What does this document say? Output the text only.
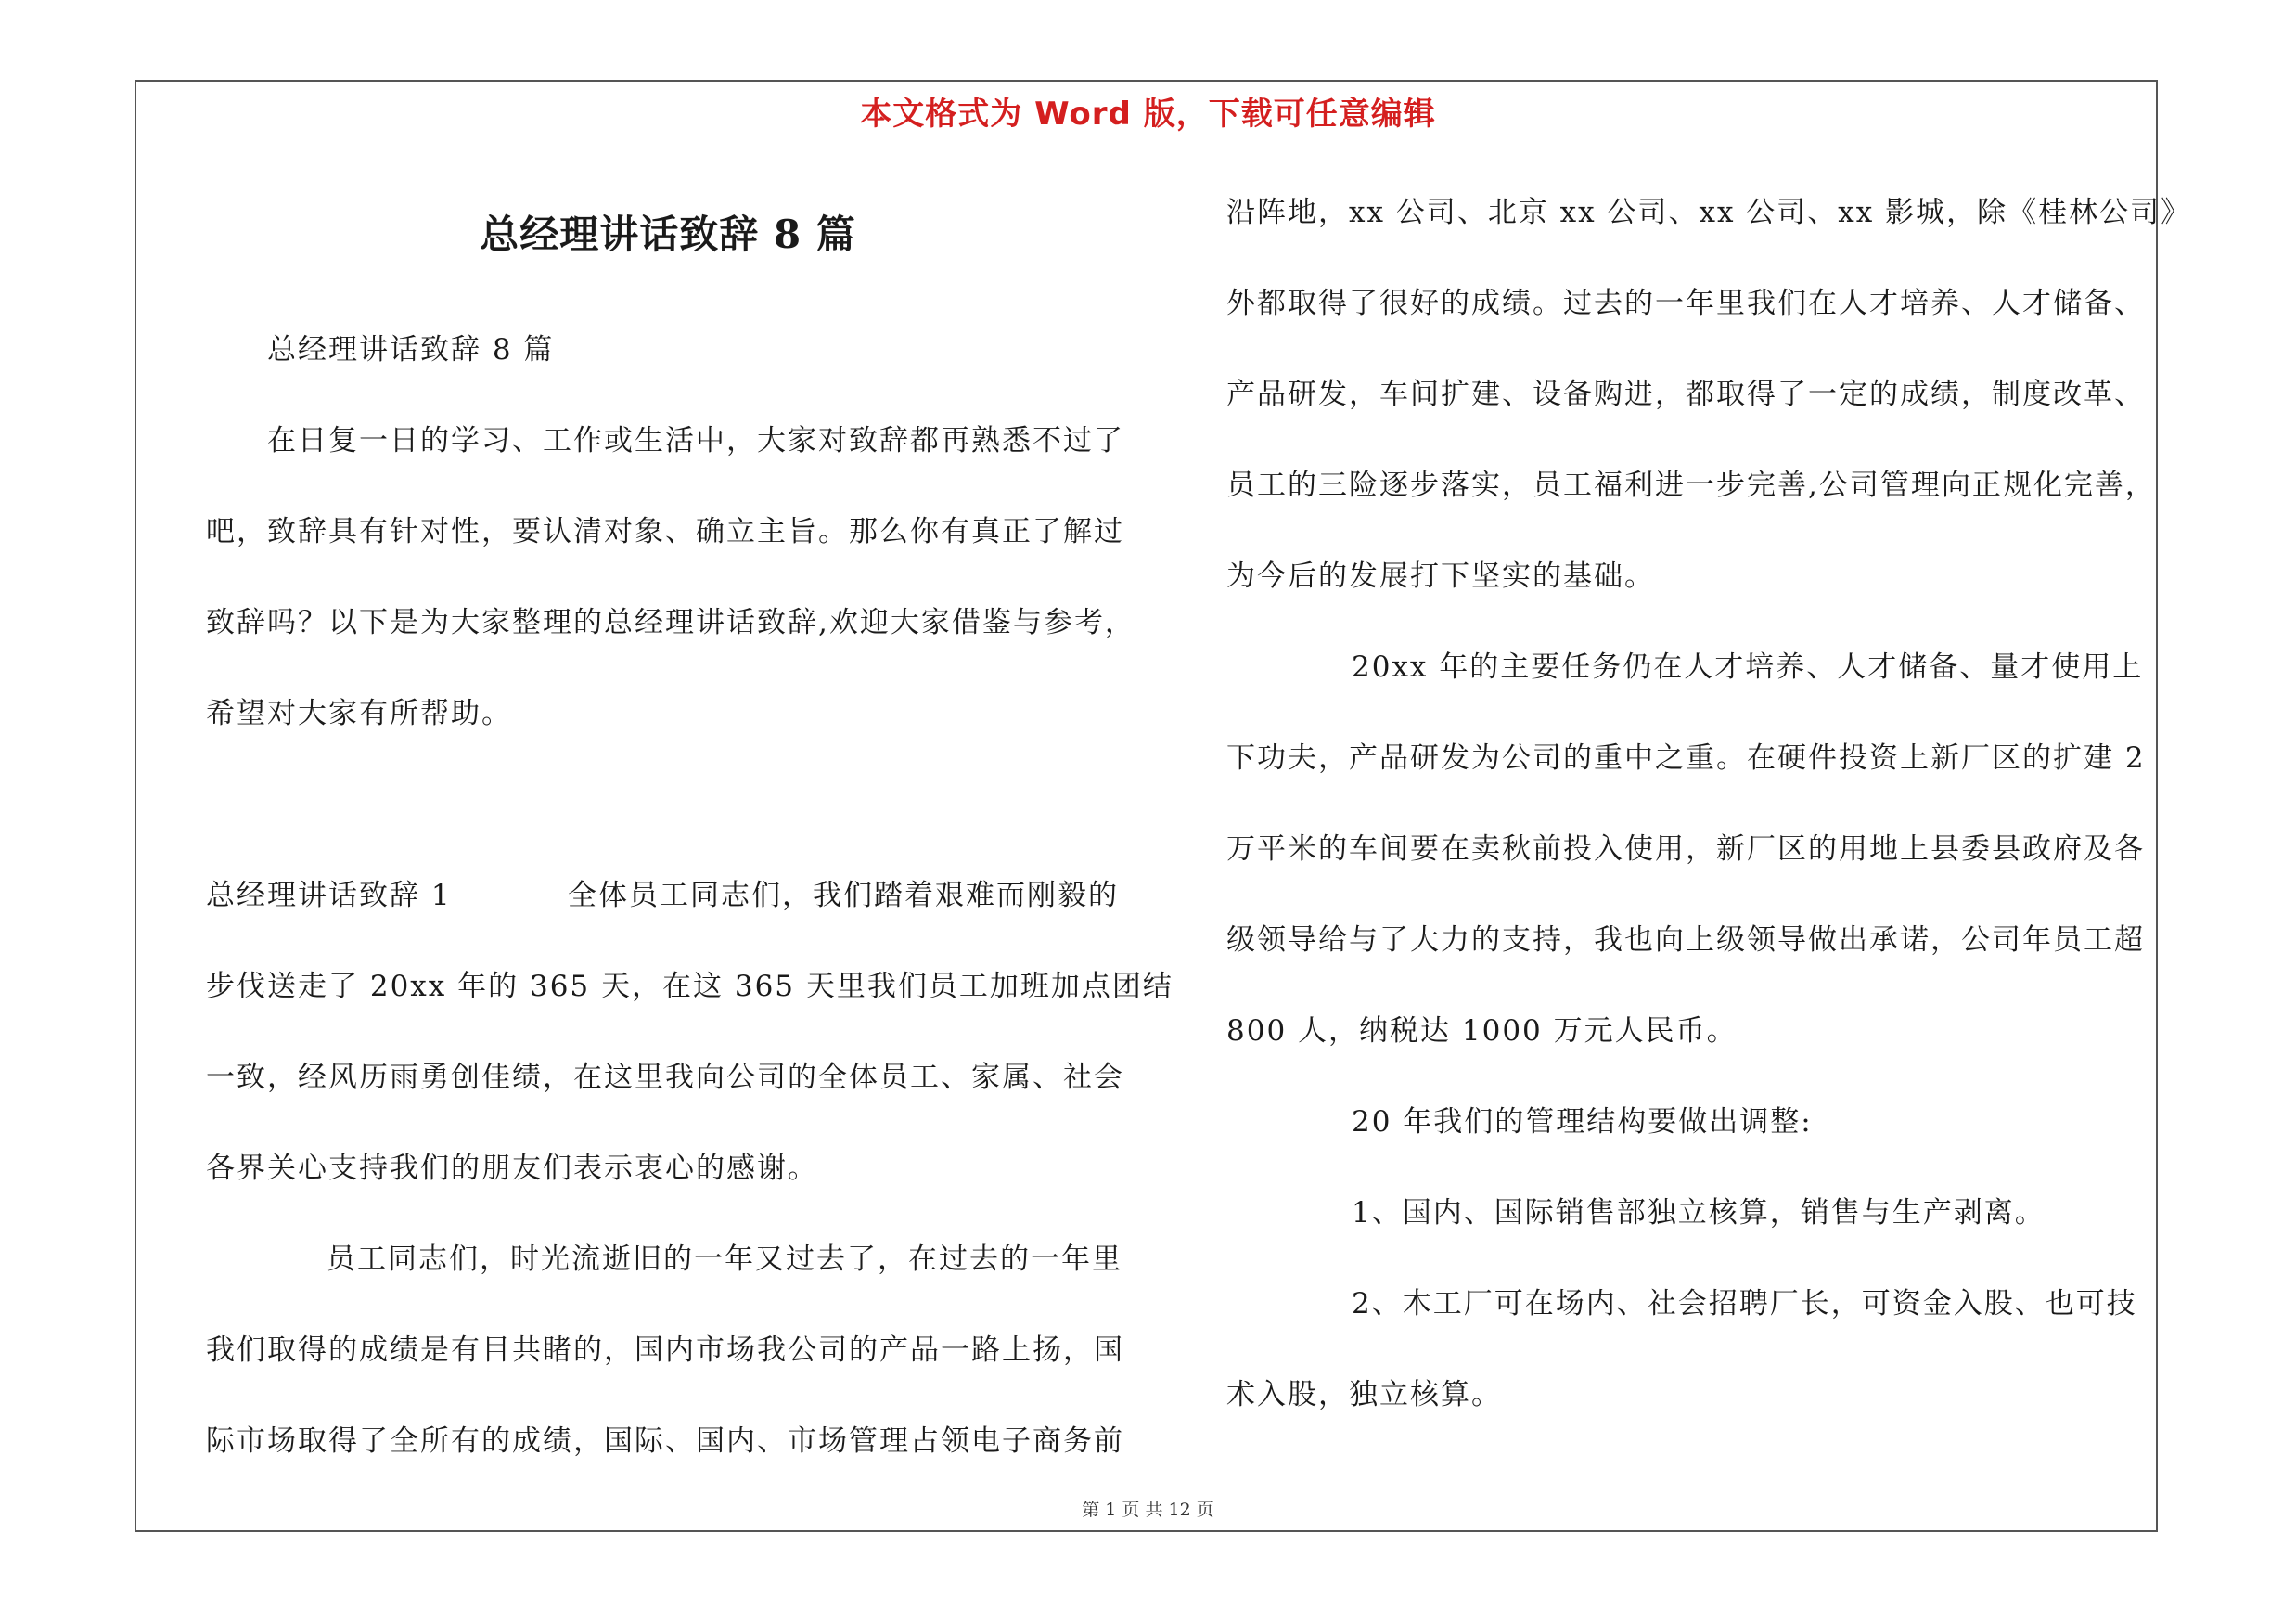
本文格式为 Word 版，下载可任意编辑
总经理讲话致辞 8 篇
总经理讲话致辞 8 篇
在日复一日的学习、工作或生活中，大家对致辞都再熟悉不过了
吧，致辞具有针对性，要认清对象、确立主旨。那么你有真正了解过
致辞吗？以下是为大家整理的总经理讲话致辞,欢迎大家借鉴与参考，
希望对大家有所帮助。
总经理讲话致辞 1	全体员工同志们，我们踏着艰难而刚毅的
步伐送走了 20xx 年的 365 天，在这 365 天里我们员工加班加点团结
一致，经风历雨勇创佳绩，在这里我向公司的全体员工、家属、社会
各界关心支持我们的朋友们表示衷心的感谢。
员工同志们，时光流逝旧的一年又过去了，在过去的一年里
我们取得的成绩是有目共睹的，国内市场我公司的产品一路上扬，国
际市场取得了全所有的成绩，国际、国内、市场管理占领电子商务前
沿阵地，xx 公司、北京 xx 公司、xx 公司、xx 影城，除《桂林公司》
外都取得了很好的成绩。过去的一年里我们在人才培养、人才储备、
产品研发，车间扩建、设备购进，都取得了一定的成绩，制度改革、
员工的三险逐步落实，员工福利进一步完善,公司管理向正规化完善，
为今后的发展打下坚实的基础。
20xx 年的主要任务仍在人才培养、人才储备、量才使用上
下功夫，产品研发为公司的重中之重。在硬件投资上新厂区的扩建 2
万平米的车间要在卖秋前投入使用，新厂区的用地上县委县政府及各
级领导给与了大力的支持，我也向上级领导做出承诺，公司年员工超
800 人，纳税达 1000 万元人民币。
20 年我们的管理结构要做出调整:
1、国内、国际销售部独立核算，销售与生产剥离。
2、木工厂可在场内、社会招聘厂长，可资金入股、也可技
术入股，独立核算。
第 1 页 共 12 页
